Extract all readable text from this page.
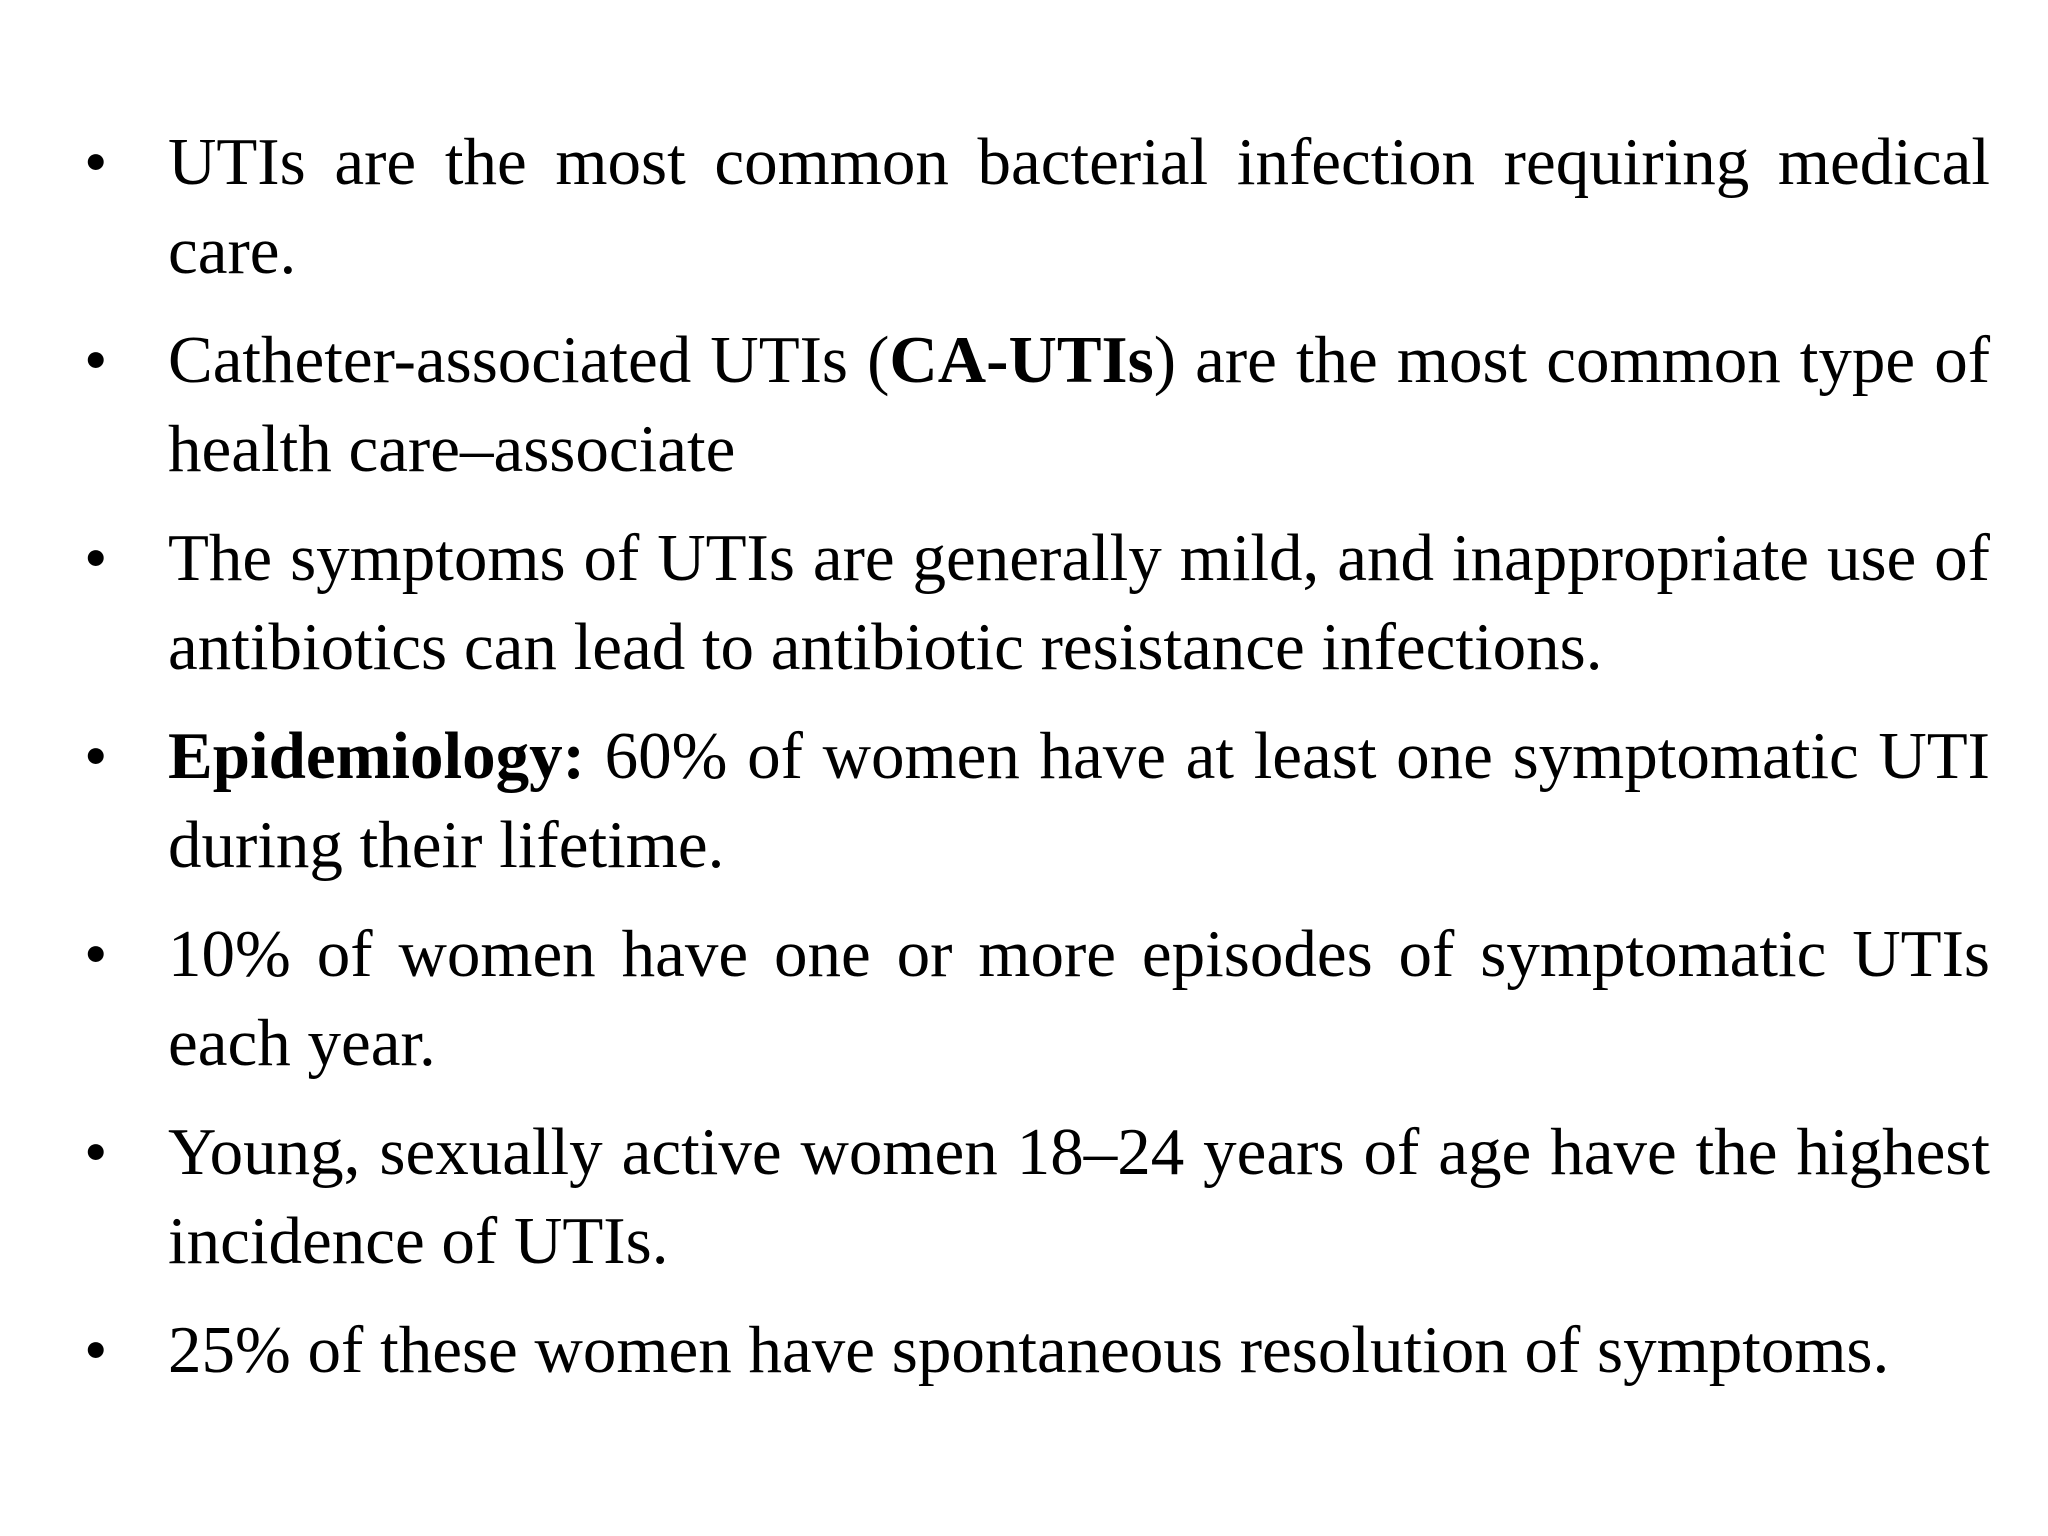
• UTIs are the most common bacterial infection requiring medical care.
• Catheter-associated UTIs (CA-UTIs) are the most common type of health care–associate
• The symptoms of UTIs are generally mild, and inappropriate use of antibiotics can lead to antibiotic resistance infections.
• Epidemiology: 60% of women have at least one symptomatic UTI during their lifetime.
• 10% of women have one or more episodes of symptomatic UTIs each year.
• Young, sexually active women 18–24 years of age have the highest incidence of UTIs.
• 25% of these women have spontaneous resolution of symptoms.
